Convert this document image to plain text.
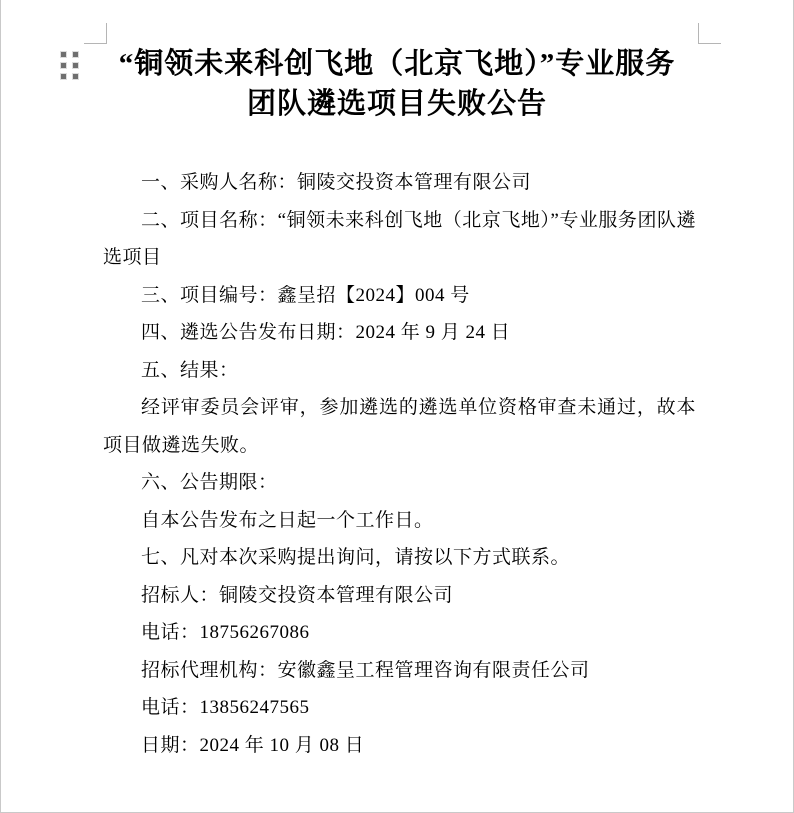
“铜领未来科创飞地（北京飞地）”专业服务
团队遴选项目失败公告

一、采购人名称：铜陵交投资本管理有限公司

二、项目名称：“铜领未来科创飞地（北京飞地）”专业服务团队遴选项目

三、项目编号：鑫呈招【2024】004 号

四、遴选公告发布日期：2024 年 9 月 24 日

五、结果：

经评审委员会评审，参加遴选的遴选单位资格审查未通过，故本项目做遴选失败。

六、公告期限：

自本公告发布之日起一个工作日。

七、凡对本次采购提出询问，请按以下方式联系。

招标人：铜陵交投资本管理有限公司

电话：18756267086

招标代理机构：安徽鑫呈工程管理咨询有限责任公司

电话：13856247565

日期：2024 年 10 月 08 日
